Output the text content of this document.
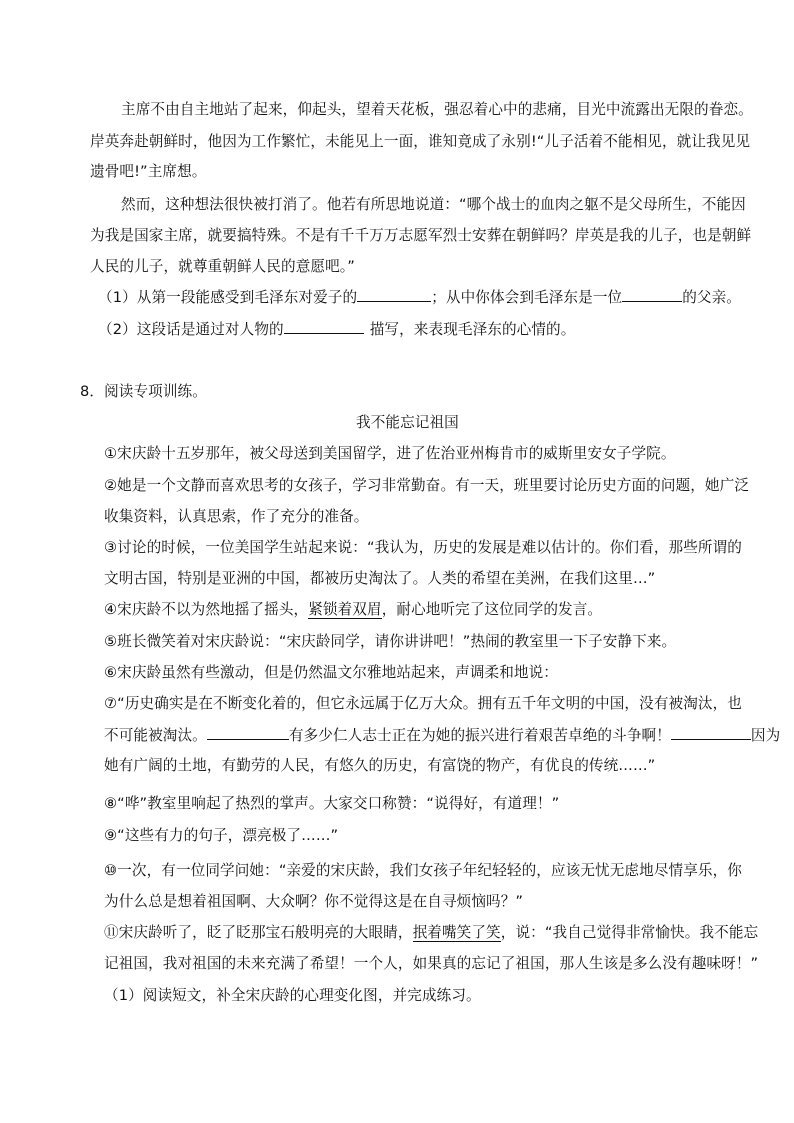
主席不由自主地站了起来，仰起头，望着天花板，强忍着心中的悲痛，目光中流露出无限的眷恋。
岸英奔赴朝鲜时，他因为工作繁忙，未能见上一面，谁知竟成了永别!“儿子活着不能相见，就让我见见
遗骨吧!”主席想。
然而，这种想法很快被打消了。他若有所思地说道：“哪个战士的血肉之躯不是父母所生，不能因
为我是国家主席，就要搞特殊。不是有千千万万志愿军烈士安葬在朝鲜吗？岸英是我的儿子，也是朝鲜
人民的儿子，就尊重朝鲜人民的意愿吧。”
（1）从第一段能感受到毛泽东对爱子的	；从中你体会到毛泽东是一位	的父亲。
（2）这段话是通过对人物的	描写，来表现毛泽东的心情的。
8．阅读专项训练。
我不能忘记祖国
①宋庆龄十五岁那年，被父母送到美国留学，进了佐治亚州梅肯市的威斯里安女子学院。
②她是一个文静而喜欢思考的女孩子，学习非常勤奋。有一天，班里要讨论历史方面的问题，她广泛
收集资料，认真思索，作了充分的准备。
③讨论的时候，一位美国学生站起来说：“我认为，历史的发展是难以估计的。你们看，那些所谓的
文明古国，特别是亚洲的中国，都被历史淘汰了。人类的希望在美洲，在我们这里…”
④宋庆龄不以为然地摇了摇头，紧锁着双眉，耐心地听完了这位同学的发言。
⑤班长微笑着对宋庆龄说：“宋庆龄同学，请你讲讲吧！”热闹的教室里一下子安静下来。
⑥宋庆龄虽然有些激动，但是仍然温文尔雅地站起来，声调柔和地说：
⑦“历史确实是在不断变化着的，但它永远属于亿万大众。拥有五千年文明的中国，没有被淘汰，也
不可能被淘汰。	有多少仁人志士正在为她的振兴进行着艰苦卓绝的斗争啊！	因为
她有广阔的土地，有勤劳的人民，有悠久的历史，有富饶的物产，有优良的传统……”
⑧“哗”教室里响起了热烈的掌声。大家交口称赞：“说得好，有道理！”
⑨“这些有力的句子，漂亮极了……”
⑩一次，有一位同学问她：“亲爱的宋庆龄，我们女孩子年纪轻轻的，应该无忧无虑地尽情享乐，你
为什么总是想着祖国啊、大众啊？你不觉得这是在自寻烦恼吗？”
⑪宋庆龄听了，眨了眨那宝石般明亮的大眼睛，抿着嘴笑了笑，说：“我自己觉得非常愉快。我不能忘
记祖国，我对祖国的未来充满了希望！一个人，如果真的忘记了祖国，那人生该是多么没有趣味呀！”
（1）阅读短文，补全宋庆龄的心理变化图，并完成练习。
